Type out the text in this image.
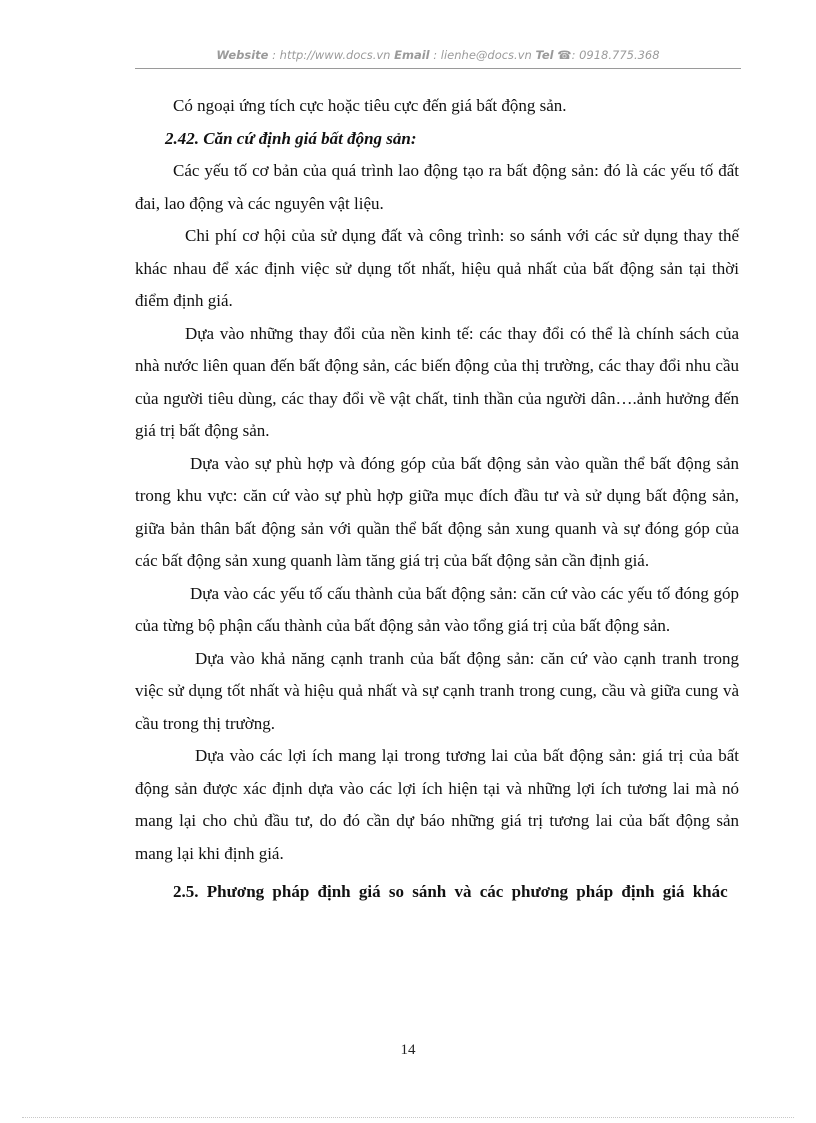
Website : http://www.docs.vn Email : lienhe@docs.vn Tel ☎: 0918.775.368

Có ngoại ứng tích cực hoặc tiêu cực đến giá bất động sản.

2.42. Căn cứ định giá bất động sản:

Các yếu tố cơ bản của quá trình lao động tạo ra bất động sản: đó là các yếu tố đất đai, lao động và các nguyên vật liệu.

Chi phí cơ hội của sử dụng đất và công trình: so sánh với các sử dụng thay thế khác nhau để xác định việc sử dụng tốt nhất, hiệu quả nhất của bất động sản tại thời điểm định giá.

Dựa vào những thay đổi của nền kinh tế: các thay đổi có thể là chính sách của nhà nước liên quan đến bất động sản, các biến động của thị trường, các thay đổi nhu cầu của người tiêu dùng, các thay đổi về vật chất, tinh thần của người dân….ảnh hưởng đến giá trị bất động sản.

Dựa vào sự phù hợp và đóng góp của bất động sản vào quần thể bất động sản trong khu vực: căn cứ vào sự phù hợp giữa mục đích đầu tư và sử dụng bất động sản, giữa bản thân bất động sản với quần thể bất động sản xung quanh và sự đóng góp của các bất động sản xung quanh làm tăng giá trị của bất động sản cần định giá.

Dựa vào các yếu tố cấu thành của bất động sản: căn cứ vào các yếu tố đóng góp của từng bộ phận cấu thành của bất động sản vào tổng giá trị của bất động sản.

Dựa vào khả năng cạnh tranh của bất động sản: căn cứ vào cạnh tranh trong việc sử dụng tốt nhất và hiệu quả nhất và sự cạnh tranh trong cung, cầu và giữa cung và cầu trong thị trường.

Dựa vào các lợi ích mang lại trong tương lai của bất động sản: giá trị của bất động sản được xác định dựa vào các lợi ích hiện tại và những lợi ích tương lai mà nó mang lại cho chủ đầu tư, do đó cần dự báo những giá trị tương lai của bất động sản mang lại khi định giá.

2.5. Phương pháp định giá so sánh và các phương pháp định giá khác

14
